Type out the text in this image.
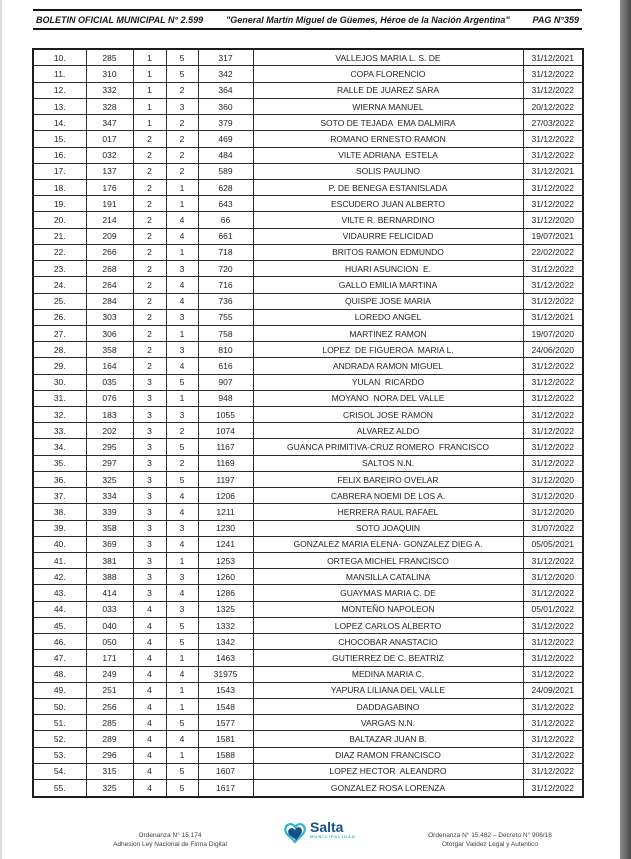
BOLETIN OFICIAL MUNICIPAL N° 2.599	"General Martín Miguel de Güemes, Héroe de la Nación Argentina"	PAG N°359
10.	285	1	5	317	VALLEJOS MARIA L. S. DE	31/12/2021
11.	310	1	5	342	COPA FLORENCIO	31/12/2022
12.	332	1	2	364	RALLE DE JUAREZ SARA	31/12/2022
13.	328	1	3	360	WIERNA MANUEL	20/12/2022
14.	347	1	2	379	SOTO DE TEJADA  EMA DALMIRA	27/03/2022
15.	017	2	2	469	ROMANO ERNESTO RAMON	31/12/2022
16.	032	2	2	484	VILTE ADRIANA  ESTELA	31/12/2022
17.	137	2	2	589	SOLIS PAULINO	31/12/2021
18.	176	2	1	628	P. DE BENEGA ESTANISLADA	31/12/2022
19.	191	2	1	643	ESCUDERO JUAN ALBERTO	31/12/2022
20.	214	2	4	66	VILTE R. BERNARDINO	31/12/2020
21.	209	2	4	661	VIDAURRE FELICIDAD	19/07/2021
22.	266	2	1	718	BRITOS RAMON EDMUNDO	22/02/2022
23.	268	2	3	720	HUARI ASUNCION  E.	31/12/2022
24.	264	2	4	716	GALLO EMILIA MARTINA	31/12/2022
25.	284	2	4	736	QUISPE JOSE MARIA	31/12/2022
26.	303	2	3	755	LOREDO ANGEL	31/12/2021
27.	306	2	1	758	MARTINEZ RAMON	19/07/2020
28.	358	2	3	810	LOPEZ  DE FIGUEROA  MARIA L.	24/06/2020
29.	164	2	4	616	ANDRADA RAMON MIGUEL	31/12/2022
30.	035	3	5	907	YULAN  RICARDO	31/12/2022
31.	076	3	1	948	MOYANO  NORA DEL VALLE	31/12/2022
32.	183	3	3	1055	CRISOL JOSE RAMON	31/12/2022
33.	202	3	2	1074	ALVAREZ ALDO	31/12/2022
34.	295	3	5	1167	GUANCA PRIMITIVA-CRUZ ROMERO  FRANCISCO	31/12/2022
35.	297	3	2	1169	SALTOS N.N.	31/12/2022
36.	325	3	5	1197	FELIX BAREIRO OVELAR	31/12/2020
37.	334	3	4	1206	CABRERA NOEMI DE LOS A.	31/12/2020
38.	339	3	4	1211	HERRERA RAUL RAFAEL	31/12/2020
39.	358	3	3	1230	SOTO JOAQUIN	31/07/2022
40.	369	3	4	1241	GONZALEZ MARIA ELENA- GONZALEZ DIEG A.	05/05/2021
41.	381	3	1	1253	ORTEGA MICHEL FRANCISCO	31/12/2022
42.	388	3	3	1260	MANSILLA CATALINA	31/12/2020
43.	414	3	4	1286	GUAYMAS MARIA C. DE	31/12/2022
44.	033	4	3	1325	MONTEÑO NAPOLEON	05/01/2022
45.	040	4	5	1332	LOPEZ CARLOS ALBERTO	31/12/2022
46.	050	4	5	1342	CHOCOBAR ANASTACIO	31/12/2022
47.	171	4	1	1463	GUTIERREZ DE C. BEATRIZ	31/12/2022
48.	249	4	4	31975	MEDINA MARIA C.	31/12/2022
49.	251	4	1	1543	YAPURA LILIANA DEL VALLE	24/09/2021
50.	256	4	1	1548	DADDAGABINO	31/12/2022
51.	285	4	5	1577	VARGAS N.N.	31/12/2022
52.	289	4	4	1581	BALTAZAR JUAN B.	31/12/2022
53.	296	4	1	1588	DIAZ RAMON FRANCISCO	31/12/2022
54.	315	4	5	1607	LOPEZ HECTOR  ALEANDRO	31/12/2022
55.	325	4	5	1617	GONZALEZ ROSA LORENZA	31/12/2022
Ordenanza N° 15.174
Adhesion Ley Nacional de Firma Digital
Salta
MUNICIPALIDAD	Ordenanza N° 15.482 – Decreto N° 906/18
Otorgar Validez Legal y Autentico
